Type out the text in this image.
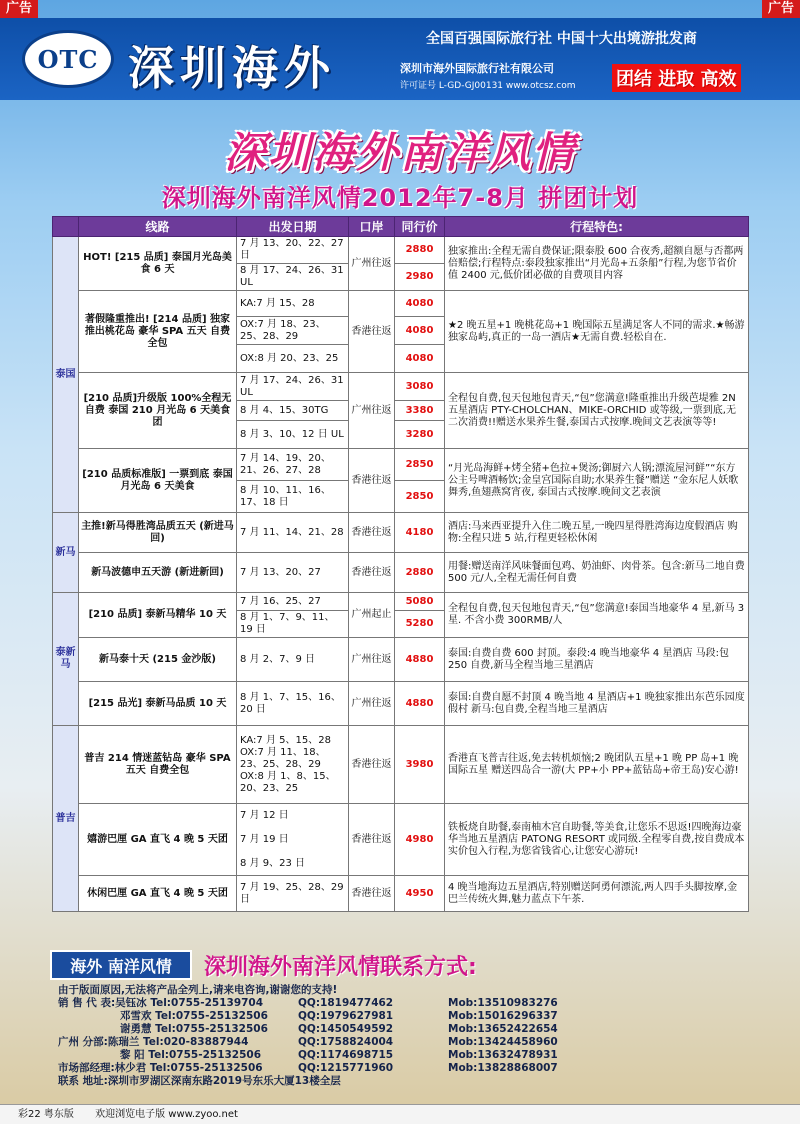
广告	广告
OTC 深圳海外
全国百强国际旅行社 中国十大出境游批发商
深圳市海外国际旅行社有限公司
许可证号 L-GD-GJ00131 www.otcsz.com 团结 进取 高效
深圳海外南洋风情
深圳海外南洋风情2012年7-8月 拼团计划
	线路	出发日期	口岸	同行价	行程特色:
泰国	HOT! [215 品质] 泰国月光岛美食 6 天	7 月 13、20、22、27 日	广州往返	2880	独家推出:全程无需自费保证;限泰股 600 合夜秀,超额自愿与否都两倍赔偿;行程特点:泰段独家推出“月光岛+五条船”行程,为您节省价值 2400 元,低价团必做的自费项目内容
		8 月 17、24、26、31 UL		2980	
	著假隆重推出! [214 品质] 独家推出桃花岛 豪华 SPA 五天 自费全包	KA:7 月 15、28	香港往返	4080	★2 晚五星+1 晚桃花岛+1 晚国际五星满足客人不同的需求.★畅游独家岛屿,真正的一岛一酒店★无需自费.轻松自在.
		OX:7 月 18、23、25、28、29		4080	
		OX:8 月 20、23、25		4080	
	[210 品质]升级版 100%全程无自费 泰国 210 月光岛 6 天美食团	7 月 17、24、26、31 UL	广州往返	3080	全程包自费,包天包地包青天,“包”您满意!隆重推出升级芭堤雅 2N 五星酒店 PTY-CHOLCHAN、MIKE-ORCHID 或等级,一票到底,无二次消费!!赠送水果养生餐,泰国古式按摩.晚间文艺表演等等!
		8 月 4、15、30TG		3380	
		8 月 3、10、12 日 UL		3280	
	[210 品质标准版] 一票到底 泰国月光岛 6 天美食	7 月 14、19、20、21、26、27、28	香港往返	2850	“月光岛海鲜+烤全猪+色拉+煲汤;御厨六人锅;漂流屋河鲜”“东方公主号啤酒畅饮;金皇宫国际自助;水果养生餐”赠送 “金东尼人妖歌舞秀,鱼翅燕窝宵夜, 泰国古式按摩.晚间文艺表演
		8 月 10、11、16、17、18 日		2850	
新马	主推!新马得胜湾品质五天 (新进马回)	7 月 11、14、21、28	香港往返	4180	酒店:马来西亚提升入住二晚五星,一晚四星得胜湾海边度假酒店 购物:全程只进 5 站,行程更轻松休闲
	新马波德申五天游 (新进新回)	7 月 13、20、27	香港往返	2880	用餐:赠送南洋风味餐面包鸡、奶油虾、肉骨茶。包含:新马二地自费 500 元/人,全程无需任何自费
泰新马	[210 品质] 泰新马精华 10 天	7 月 16、25、27	广州起止	5080	全程包自费,包天包地包青天,“包”您满意!泰国当地豪华 4 星,新马 3 星. 不含小费 300RMB/人
		8 月 1、7、9、11、19 日		5280	
	新马泰十天 (215 金沙版)	8 月 2、7、9 日	广州往返	4880	泰国:自费自费 600 封顶。泰段:4 晚当地豪华 4 星酒店 马段:包 250 自费,新马全程当地三星酒店
	[215 品光] 泰新马品质 10 天	8 月 1、7、15、16、20 日	广州往返	4880	泰国:自费自愿不封顶 4 晚当地 4 星酒店+1 晚独家推出东芭乐园度假村 新马:包自费,全程当地三星酒店
普吉	普吉 214 情迷蓝钻岛 豪华 SPA 五天 自费全包	KA:7 月 5、15、28
OX:7 月 11、18、23、25、28、29
OX:8 月 1、8、15、20、23、25	香港往返	3980	香港直飞普吉往返,免去转机烦恼;2 晚团队五星+1 晚 PP 岛+1 晚国际五星 赠送四岛合一游(大 PP+小 PP+蓝钻岛+帝王岛)安心游!
	嬉游巴厘 GA 直飞 4 晚 5 天团	7 月 12 日
7 月 19 日
8 月 9、23 日	香港往返	4980	铁板烧自助餐,泰南柚木宫自助餐,等美食,让您乐不思返!四晚海边豪华当地五星酒店 PATONG RESORT 或同级.全程零自费,按自费成本实价包入行程,为您省钱省心,让您安心游玩!
	休闲巴厘 GA 直飞 4 晚 5 天团	7 月 19、25、28、29 日	香港往返	4950	4 晚当地海边五星酒店,特别赠送阿勇何漂流,两人四手头脚按摩,金巴兰传统火舞,魅力蓝点下午茶.
海外 南洋风情	深圳海外南洋风情联系方式:
由于版面原因,无法将产品全列上,请来电咨询,谢谢您的支持!
销 售 代 表:吴钰冰 Tel:0755-25139704	QQ:1819477462	Mob:13510983276
邓雪欢 Tel:0755-25132506	QQ:1979627981	Mob:15016296337
谢勇慧 Tel:0755-25132506	QQ:1450549592	Mob:13652422654
广州 分部:陈瑞兰 Tel:020-83887944	QQ:1758824004	Mob:13424458960
黎 阳 Tel:0755-25132506	QQ:1174698715	Mob:13632478931
市场部经理:林少君 Tel:0755-25132506	QQ:1215771960	Mob:13828868007
联系 地址:深圳市罗湖区深南东路2019号东乐大厦13楼全层
彩22 粤东版 欢迎浏览电子版 www.zyoo.net
